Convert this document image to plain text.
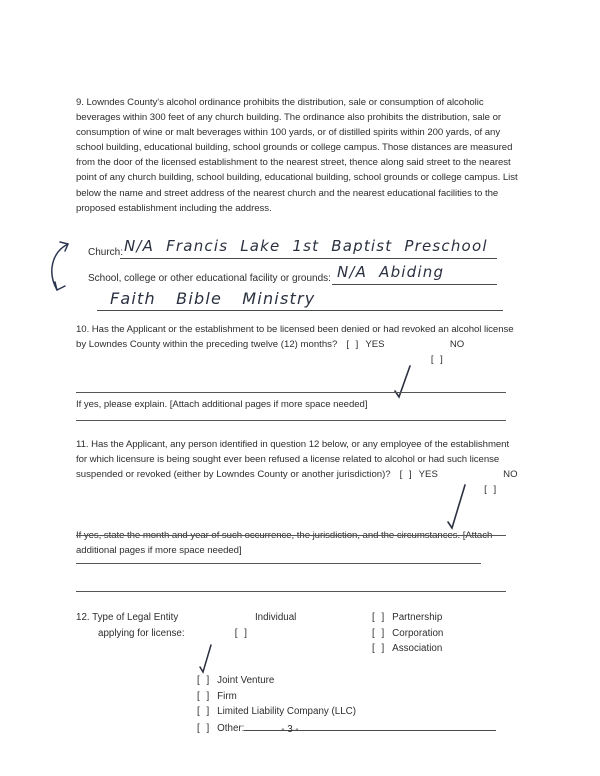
9. Lowndes County's alcohol ordinance prohibits the distribution, sale or consumption of alcoholic
beverages within 300 feet of any church building. The ordinance also prohibits the distribution, sale or
consumption of wine or malt beverages within 100 yards, or of distilled spirits within 200 yards, of any
school building, educational building, school grounds or college campus. Those distances are measured
from the door of the licensed establishment to the nearest street, thence along said street to the nearest
point of any church building, school building, educational building, school grounds or college campus. List
below the name and street address of the nearest church and the nearest educational facilities to the
proposed establishment including the address.
Church: N/A Francis Lake 1st Baptist Preschool
School, college or other educational facility or grounds: N/A Abiding
Faith Bible Ministry
10. Has the Applicant or the establishment to be licensed been denied or had revoked an alcohol license
by Lowndes County within the preceding twelve (12) months? [ ] YES

[ ]

NO
If yes, please explain. [Attach additional pages if more space needed]
11. Has the Applicant, any person identified in question 12 below, or any employee of the establishment
for which licensure is being sought ever been refused a license related to alcohol or had such license
suspended or revoked (either by Lowndes County or another jurisdiction)? [ ] YES

[ ]

NO
If yes, state the month and year of such occurrence, the jurisdiction, and the circumstances. [Attach
additional pages if more space needed]
12. Type of Legal Entity
applying for license:	[ ]

Individual
[ ] Joint Venture
[ ] Firm
[ ] Limited Liability Company (LLC)
[ ] Other:
[ ] Partnership
[ ] Corporation
[ ] Association
- 3 -
